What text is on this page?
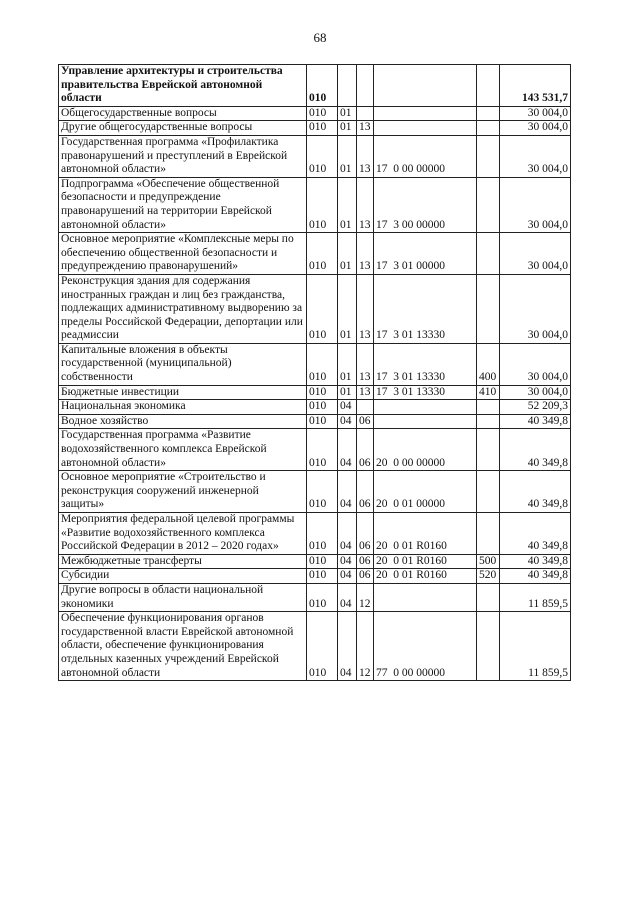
68
Управление архитектуры и строительства правительства Еврейской автономной области	010					143 531,7
Общегосударственные вопросы	010	01				30 004,0
Другие общегосударственные вопросы	010	01	13			30 004,0
Государственная программа «Профилактика правонарушений и преступлений в Еврейской автономной области»	010	01	13	17  0 00 00000		30 004,0
Подпрограмма «Обеспечение общественной безопасности и предупреждение правонарушений на территории Еврейской автономной области»	010	01	13	17  3 00 00000		30 004,0
Основное мероприятие «Комплексные меры по обеспечению общественной безопасности и предупреждению правонарушений»	010	01	13	17  3 01 00000		30 004,0
Реконструкция здания для содержания иностранных граждан и лиц без гражданства, подлежащих административному выдворению за пределы Российской Федерации, депортации или реадмиссии	010	01	13	17  3 01 13330		30 004,0
Капитальные вложения в объекты государственной (муниципальной) собственности	010	01	13	17  3 01 13330	400	30 004,0
Бюджетные инвестиции	010	01	13	17  3 01 13330	410	30 004,0
Национальная экономика	010	04				52 209,3
Водное хозяйство	010	04	06			40 349,8
Государственная программа «Развитие водохозяйственного комплекса Еврейской автономной области»	010	04	06	20  0 00 00000		40 349,8
Основное мероприятие «Строительство и реконструкция сооружений инженерной защиты»	010	04	06	20  0 01 00000		40 349,8
Мероприятия федеральной целевой программы «Развитие водохозяйственного комплекса Российской Федерации в 2012 – 2020 годах»	010	04	06	20  0 01 R0160		40 349,8
Межбюджетные трансферты	010	04	06	20  0 01 R0160	500	40 349,8
Субсидии	010	04	06	20  0 01 R0160	520	40 349,8
Другие вопросы в области национальной экономики	010	04	12			11 859,5
Обеспечение функционирования органов государственной власти Еврейской автономной области, обеспечение функционирования отдельных казенных учреждений Еврейской автономной области	010	04	12	77  0 00 00000		11 859,5
